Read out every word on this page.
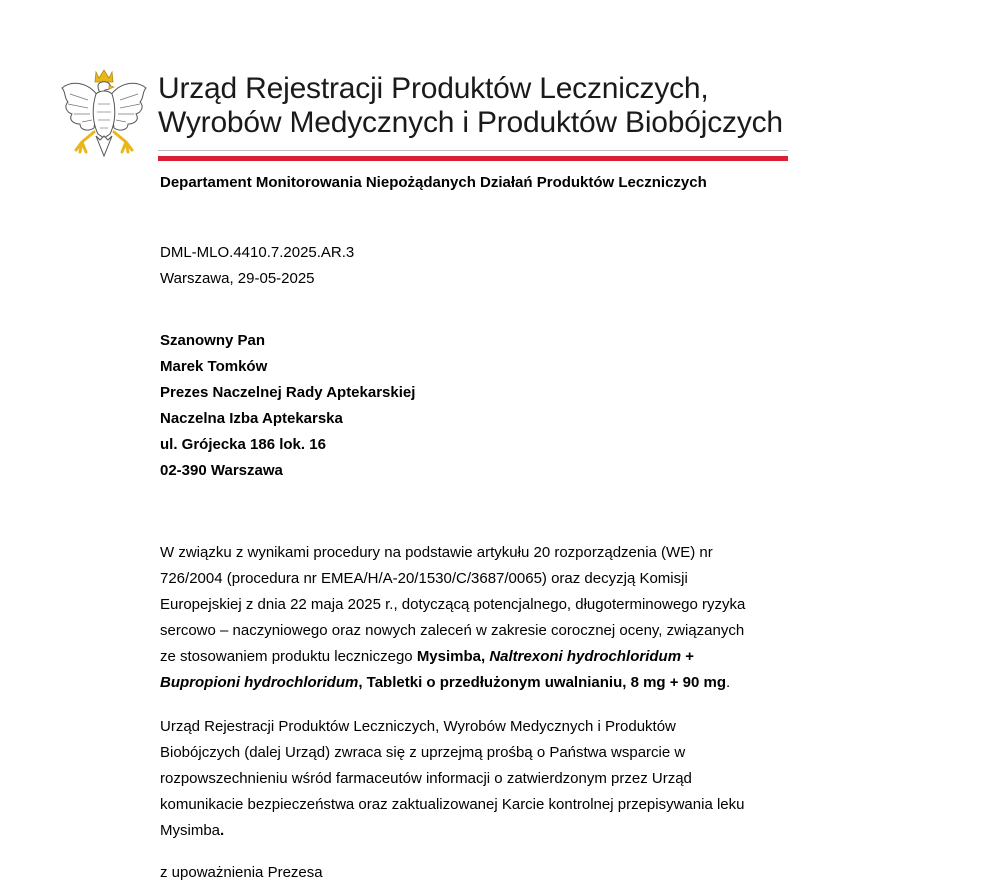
Urząd Rejestracji Produktów Leczniczych,
Wyrobów Medycznych i Produktów Biobójczych
Departament Monitorowania Niepożądanych Działań Produktów Leczniczych
DML-MLO.4410.7.2025.AR.3
Warszawa, 29-05-2025
Szanowny Pan
Marek Tomków
Prezes Naczelnej Rady Aptekarskiej
Naczelna Izba Aptekarska
ul. Grójecka 186 lok. 16
02-390 Warszawa
W związku z wynikami procedury na podstawie artykułu 20 rozporządzenia (WE) nr
726/2004 (procedura nr EMEA/H/A-20/1530/C/3687/0065) oraz decyzją Komisji
Europejskiej z dnia 22 maja 2025 r., dotyczącą potencjalnego, długoterminowego ryzyka
sercowo – naczyniowego oraz nowych zaleceń w zakresie corocznej oceny, związanych
ze stosowaniem produktu leczniczego Mysimba, Naltrexoni hydrochloridum +
Bupropioni hydrochloridum, Tabletki o przedłużonym uwalnianiu, 8 mg + 90 mg.
Urząd Rejestracji Produktów Leczniczych, Wyrobów Medycznych i Produktów
Biobójczych (dalej Urząd) zwraca się z uprzejmą prośbą o Państwa wsparcie w
rozpowszechnieniu wśród farmaceutów informacji o zatwierdzonym przez Urząd
komunikacie bezpieczeństwa oraz zaktualizowanej Karcie kontrolnej przepisywania leku
Mysimba.
z upoważnienia Prezesa
